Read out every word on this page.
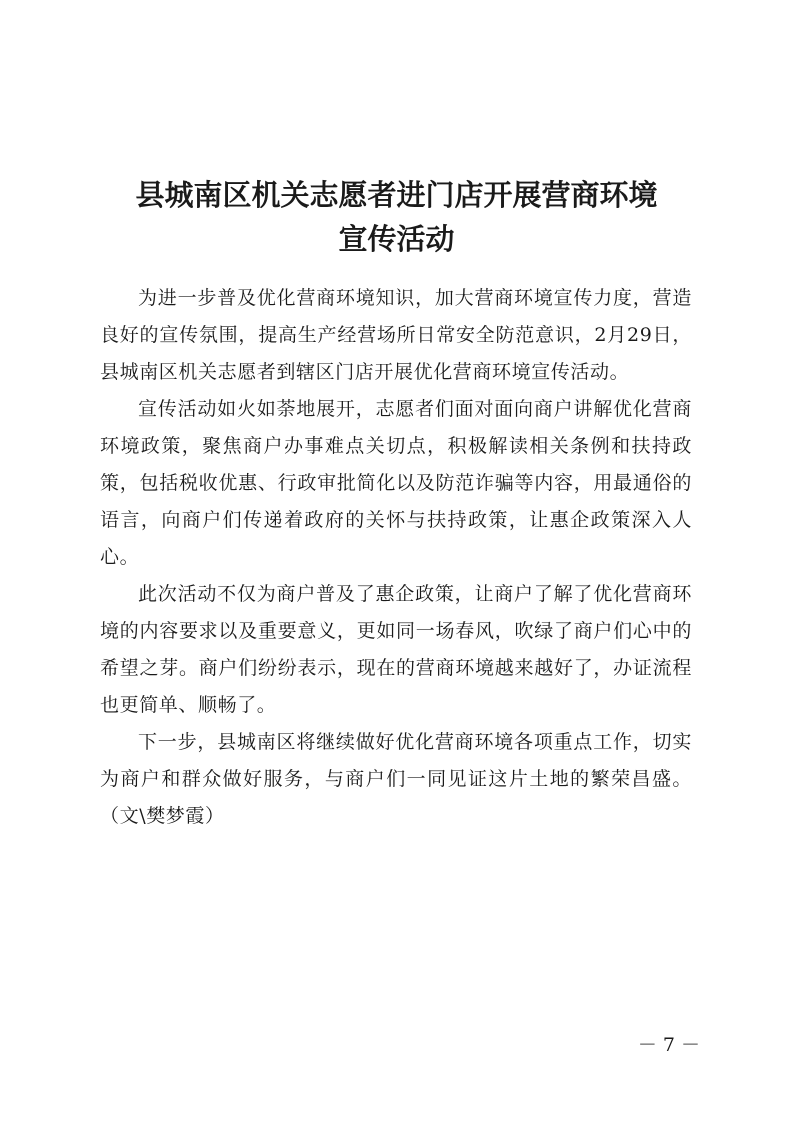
县城南区机关志愿者进门店开展营商环境
宣传活动

为进一步普及优化营商环境知识，加大营商环境宣传力度，营造良好的宣传氛围，提高生产经营场所日常安全防范意识，2月29日，县城南区机关志愿者到辖区门店开展优化营商环境宣传活动。

宣传活动如火如荼地展开，志愿者们面对面向商户讲解优化营商环境政策，聚焦商户办事难点关切点，积极解读相关条例和扶持政策，包括税收优惠、行政审批简化以及防范诈骗等内容，用最通俗的语言，向商户们传递着政府的关怀与扶持政策，让惠企政策深入人心。

此次活动不仅为商户普及了惠企政策，让商户了解了优化营商环境的内容要求以及重要意义，更如同一场春风，吹绿了商户们心中的希望之芽。商户们纷纷表示，现在的营商环境越来越好了，办证流程也更简单、顺畅了。

下一步，县城南区将继续做好优化营商环境各项重点工作，切实为商户和群众做好服务，与商户们一同见证这片土地的繁荣昌盛。（文\樊梦霞）

－ 7 －
